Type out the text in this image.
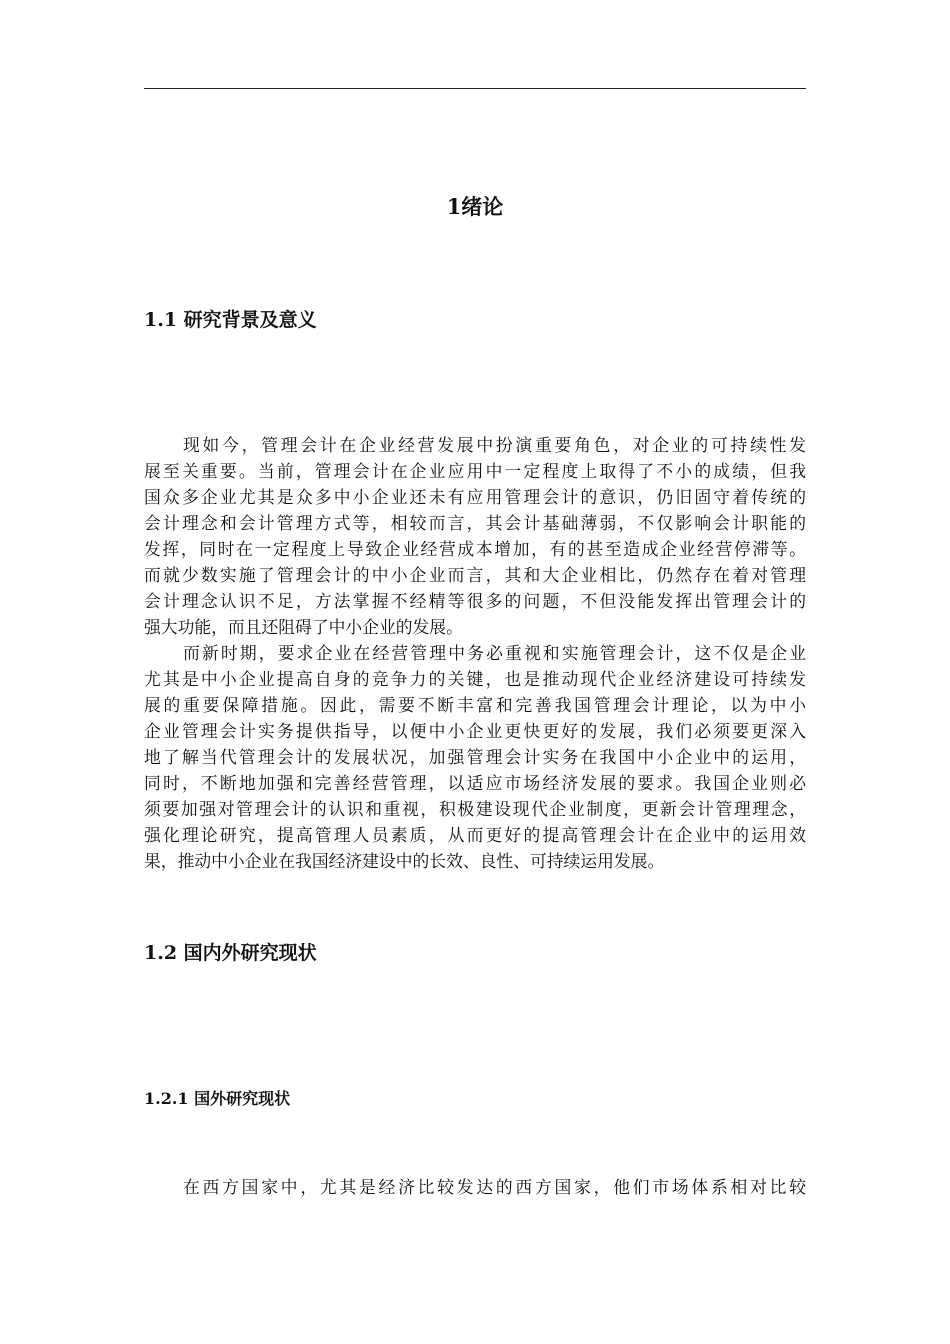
1绪论
1.1 研究背景及意义

现如今，管理会计在企业经营发展中扮演重要角色，对企业的可持续性发

展至关重要。当前，管理会计在企业应用中一定程度上取得了不小的成绩，但我

国众多企业尤其是众多中小企业还未有应用管理会计的意识，仍旧固守着传统的

会计理念和会计管理方式等，相较而言，其会计基础薄弱，不仅影响会计职能的

发挥，同时在一定程度上导致企业经营成本增加，有的甚至造成企业经营停滞等。

而就少数实施了管理会计的中小企业而言，其和大企业相比，仍然存在着对管理

会计理念认识不足，方法掌握不经精等很多的问题，不但没能发挥出管理会计的

强大功能，而且还阻碍了中小企业的发展。

而新时期，要求企业在经营管理中务必重视和实施管理会计，这不仅是企业

尤其是中小企业提高自身的竞争力的关键，也是推动现代企业经济建设可持续发

展的重要保障措施。因此，需要不断丰富和完善我国管理会计理论，以为中小

企业管理会计实务提供指导，以便中小企业更快更好的发展，我们必须要更深入

地了解当代管理会计的发展状况，加强管理会计实务在我国中小企业中的运用，

同时，不断地加强和完善经营管理，以适应市场经济发展的要求。我国企业则必

须要加强对管理会计的认识和重视，积极建设现代企业制度，更新会计管理理念，

强化理论研究，提高管理人员素质，从而更好的提高管理会计在企业中的运用效

果，推动中小企业在我国经济建设中的长效、良性、可持续运用发展。

1.2 国内外研究现状
1.2.1 国外研究现状

在西方国家中，尤其是经济比较发达的西方国家，他们市场体系相对比较
